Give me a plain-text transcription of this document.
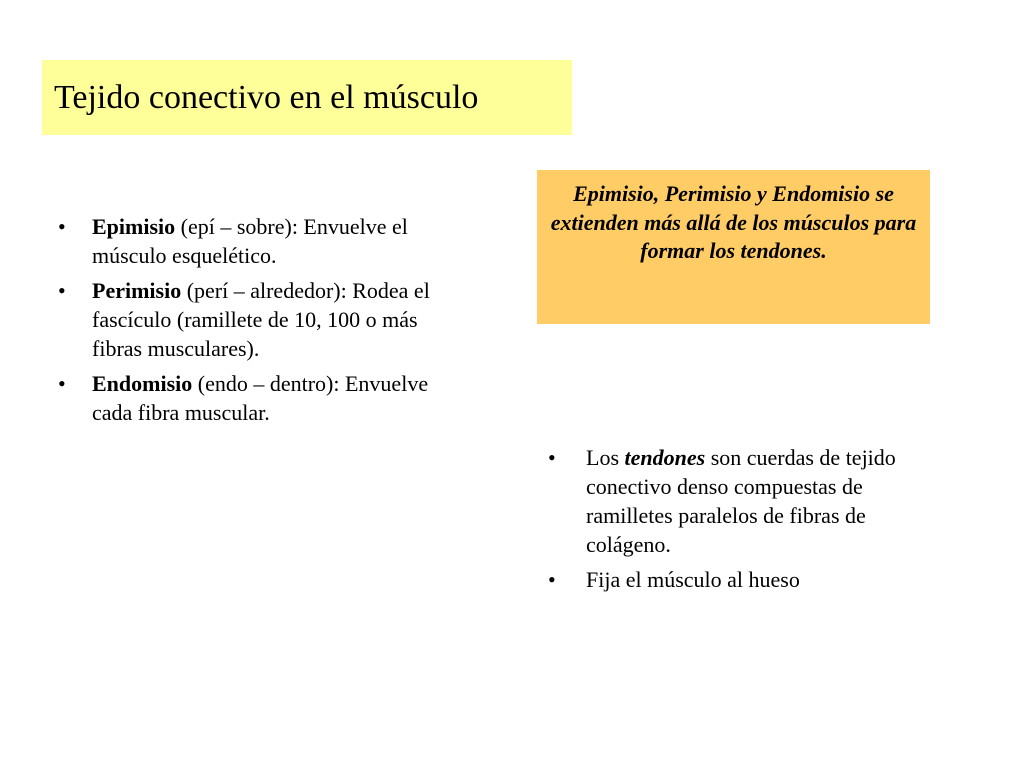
Tejido conectivo en el músculo
• Epimisio (epí – sobre): Envuelve el músculo esquelético.
• Perimisio (perí – alrededor): Rodea el fascículo (ramillete de 10, 100 o más fibras musculares).
• Endomisio (endo – dentro): Envuelve cada fibra muscular.

Epimisio, Perimisio y Endomisio se extienden más allá de los músculos para formar los tendones.

• Los tendones son cuerdas de tejido conectivo denso compuestas de ramilletes paralelos de fibras de colágeno.
• Fija el músculo al hueso
